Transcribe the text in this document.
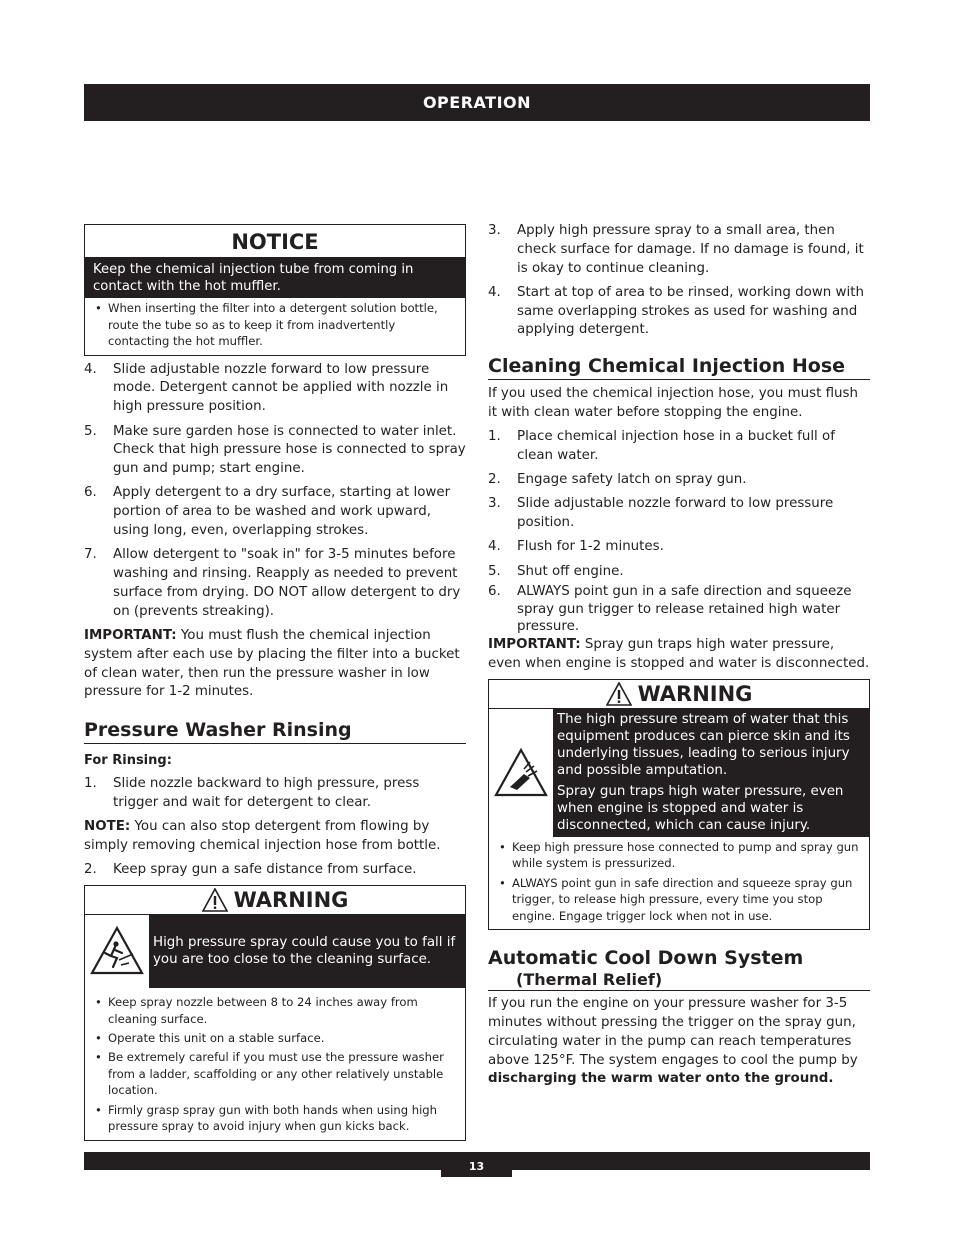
OPERATION
NOTICE
Keep the chemical injection tube from coming in contact with the hot muffler.
• When inserting the filter into a detergent solution bottle, route the tube so as to keep it from inadvertently contacting the hot muffler.
4. Slide adjustable nozzle forward to low pressure mode. Detergent cannot be applied with nozzle in high pressure position.
5. Make sure garden hose is connected to water inlet. Check that high pressure hose is connected to spray gun and pump; start engine.
6. Apply detergent to a dry surface, starting at lower portion of area to be washed and work upward, using long, even, overlapping strokes.
7. Allow detergent to "soak in" for 3-5 minutes before washing and rinsing. Reapply as needed to prevent surface from drying. DO NOT allow detergent to dry on (prevents streaking).

IMPORTANT: You must flush the chemical injection system after each use by placing the filter into a bucket of clean water, then run the pressure washer in low pressure for 1-2 minutes.

Pressure Washer Rinsing

For Rinsing:

1. Slide nozzle backward to high pressure, press trigger and wait for detergent to clear.

NOTE: You can also stop detergent from flowing by simply removing chemical injection hose from bottle.

2. Keep spray gun a safe distance from surface.
WARNING
High pressure spray could cause you to fall if you are too close to the cleaning surface.
• Keep spray nozzle between 8 to 24 inches away from cleaning surface.
• Operate this unit on a stable surface.
• Be extremely careful if you must use the pressure washer from a ladder, scaffolding or any other relatively unstable location.
• Firmly grasp spray gun with both hands when using high pressure spray to avoid injury when gun kicks back.
3. Apply high pressure spray to a small area, then check surface for damage. If no damage is found, it is okay to continue cleaning.
4. Start at top of area to be rinsed, working down with same overlapping strokes as used for washing and applying detergent.
Cleaning Chemical Injection Hose

If you used the chemical injection hose, you must flush it with clean water before stopping the engine.

1. Place chemical injection hose in a bucket full of clean water.
2. Engage safety latch on spray gun.
3. Slide adjustable nozzle forward to low pressure position.
4. Flush for 1-2 minutes.
5. Shut off engine.
6. ALWAYS point gun in a safe direction and squeeze spray gun trigger to release retained high water pressure.

IMPORTANT: Spray gun traps high water pressure, even when engine is stopped and water is disconnected.

WARNING
The high pressure stream of water that this equipment produces can pierce skin and its underlying tissues, leading to serious injury and possible amputation.
Spray gun traps high water pressure, even when engine is stopped and water is disconnected, which can cause injury.
• Keep high pressure hose connected to pump and spray gun while system is pressurized.
• ALWAYS point gun in safe direction and squeeze spray gun trigger, to release high pressure, every time you stop engine. Engage trigger lock when not in use.
Automatic Cool Down System
(Thermal Relief)

If you run the engine on your pressure washer for 3-5 minutes without pressing the trigger on the spray gun, circulating water in the pump can reach temperatures above 125°F. The system engages to cool the pump by discharging the warm water onto the ground.

13
